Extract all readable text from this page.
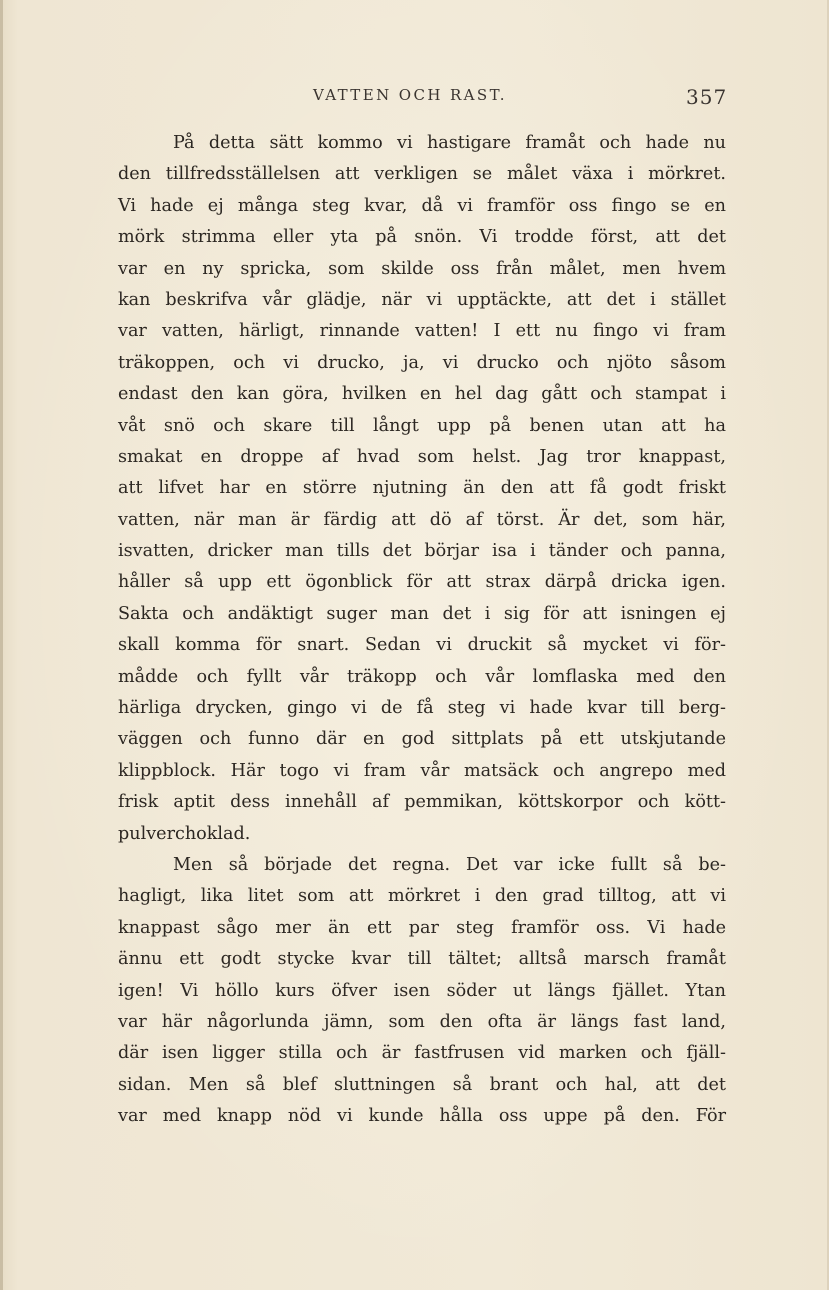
VATTEN OCH RAST.	357
På detta sätt kommo vi hastigare framåt och hade nu
den tillfredsställelsen att verkligen se målet växa i mörkret.
Vi hade ej många steg kvar, då vi framför oss fingo se en
mörk strimma eller yta på snön. Vi trodde först, att det
var en ny spricka, som skilde oss från målet, men hvem
kan beskrifva vår glädje, när vi upptäckte, att det i stället
var vatten, härligt, rinnande vatten! I ett nu fingo vi fram
träkoppen, och vi drucko, ja, vi drucko och njöto såsom
endast den kan göra, hvilken en hel dag gått och stampat i
våt snö och skare till långt upp på benen utan att ha
smakat en droppe af hvad som helst. Jag tror knappast,
att lifvet har en större njutning än den att få godt friskt
vatten, när man är färdig att dö af törst. Är det, som här,
isvatten, dricker man tills det börjar isa i tänder och panna,
håller så upp ett ögonblick för att strax därpå dricka igen.
Sakta och andäktigt suger man det i sig för att isningen ej
skall komma för snart. Sedan vi druckit så mycket vi för-
mådde och fyllt vår träkopp och vår lomflaska med den
härliga drycken, gingo vi de få steg vi hade kvar till berg-
väggen och funno där en god sittplats på ett utskjutande
klippblock. Här togo vi fram vår matsäck och angrepo med
frisk aptit dess innehåll af pemmikan, köttskorpor och kött-
pulverchoklad.
Men så började det regna. Det var icke fullt så be-
hagligt, lika litet som att mörkret i den grad tilltog, att vi
knappast sågo mer än ett par steg framför oss. Vi hade
ännu ett godt stycke kvar till tältet; alltså marsch framåt
igen! Vi höllo kurs öfver isen söder ut längs fjället. Ytan
var här någorlunda jämn, som den ofta är längs fast land,
där isen ligger stilla och är fastfrusen vid marken och fjäll-
sidan. Men så blef sluttningen så brant och hal, att det
var med knapp nöd vi kunde hålla oss uppe på den. För
